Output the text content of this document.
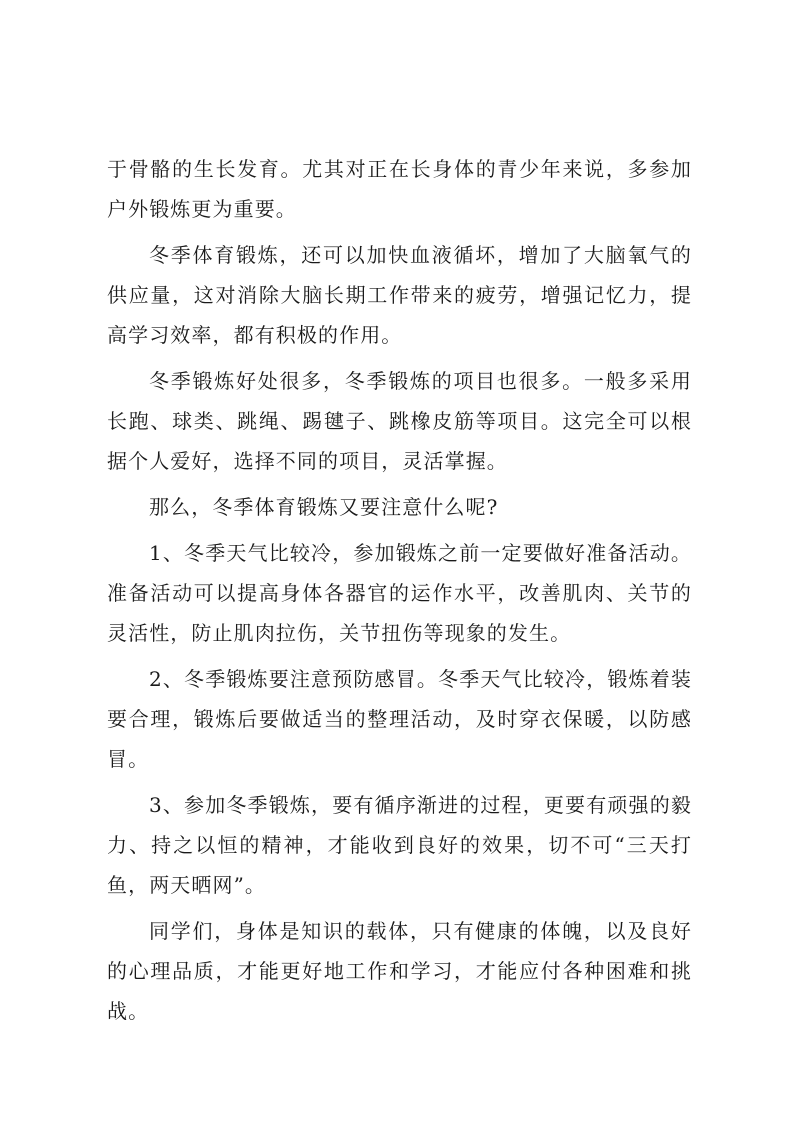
于骨骼的生长发育。尤其对正在长身体的青少年来说，多参加户外锻炼更为重要。

冬季体育锻炼，还可以加快血液循坏，增加了大脑氧气的供应量，这对消除大脑长期工作带来的疲劳，增强记忆力，提高学习效率，都有积极的作用。

冬季锻炼好处很多，冬季锻炼的项目也很多。一般多采用长跑、球类、跳绳、踢毽子、跳橡皮筋等项目。这完全可以根据个人爱好，选择不同的项目，灵活掌握。

那么，冬季体育锻炼又要注意什么呢?

1、冬季天气比较冷，参加锻炼之前一定要做好准备活动。准备活动可以提高身体各器官的运作水平，改善肌肉、关节的灵活性，防止肌肉拉伤，关节扭伤等现象的发生。

2、冬季锻炼要注意预防感冒。冬季天气比较冷，锻炼着装要合理，锻炼后要做适当的整理活动，及时穿衣保暖，以防感冒。

3、参加冬季锻炼，要有循序渐进的过程，更要有顽强的毅力、持之以恒的精神，才能收到良好的效果，切不可“三天打鱼，两天晒网”。

同学们，身体是知识的载体，只有健康的体魄，以及良好的心理品质，才能更好地工作和学习，才能应付各种困难和挑战。
